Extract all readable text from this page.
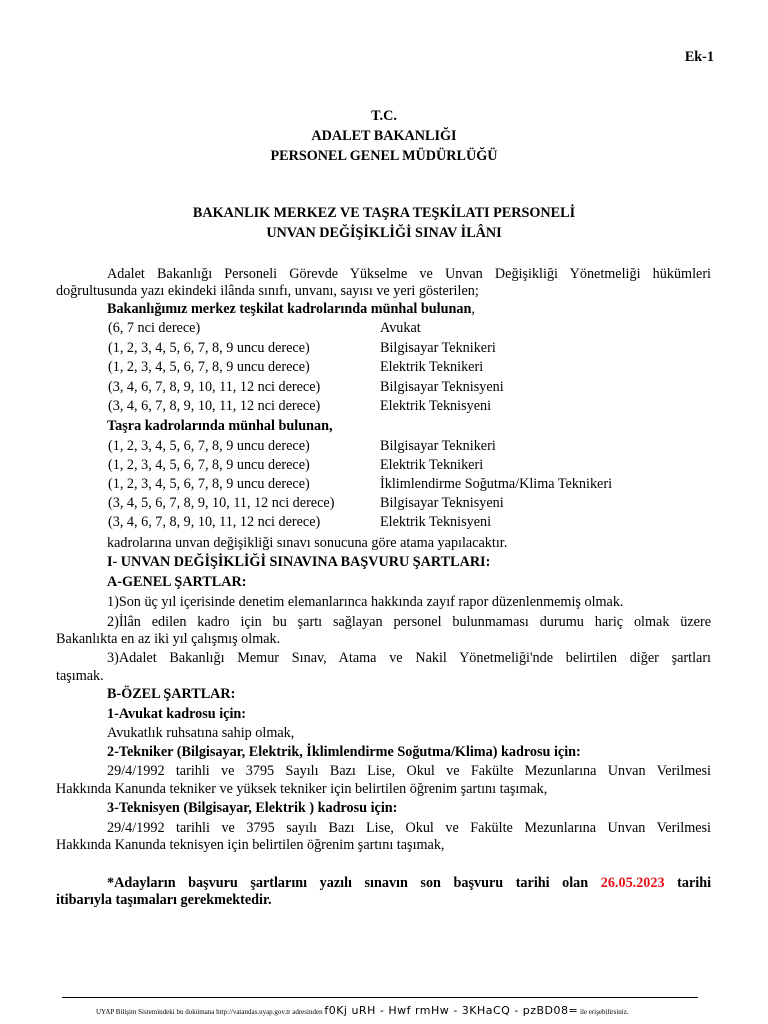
Ek-1
T.C.
ADALET BAKANLIĞI
PERSONEL GENEL MÜDÜRLÜĞÜ
BAKANLIK MERKEZ VE TAŞRA TEŞKİLATI PERSONELİ
UNVAN DEĞİŞİKLİĞİ SINAV İLÂNI
Adalet Bakanlığı Personeli Görevde Yükselme ve Unvan Değişikliği Yönetmeliği hükümleri
doğrultusunda yazı ekindeki ilânda sınıfı, unvanı, sayısı ve yeri gösterilen;
Bakanlığımız merkez teşkilat kadrolarında münhal bulunan,
(6, 7 nci derece)	Avukat
(1, 2, 3, 4, 5, 6, 7, 8, 9 uncu derece)	Bilgisayar Teknikeri
(1, 2, 3, 4, 5, 6, 7, 8, 9 uncu derece)	Elektrik Teknikeri
(3, 4, 6, 7, 8, 9, 10, 11, 12 nci derece)	Bilgisayar Teknisyeni
(3, 4, 6, 7, 8, 9, 10, 11, 12 nci derece)	Elektrik Teknisyeni
Taşra kadrolarında münhal bulunan,
(1, 2, 3, 4, 5, 6, 7, 8, 9 uncu derece)	Bilgisayar Teknikeri
(1, 2, 3, 4, 5, 6, 7, 8, 9 uncu derece)	Elektrik Teknikeri
(1, 2, 3, 4, 5, 6, 7, 8, 9 uncu derece)	İklimlendirme Soğutma/Klima Teknikeri
(3, 4, 5, 6, 7, 8, 9, 10, 11, 12 nci derece)	Bilgisayar Teknisyeni
(3, 4, 6, 7, 8, 9, 10, 11, 12 nci derece)	Elektrik Teknisyeni
kadrolarına unvan değişikliği sınavı sonucuna göre atama yapılacaktır.
I- UNVAN DEĞİŞİKLİĞİ SINAVINA BAŞVURU ŞARTLARI:
A-GENEL ŞARTLAR:
1)Son üç yıl içerisinde denetim elemanlarınca hakkında zayıf rapor düzenlenmemiş olmak.
2)İlân edilen kadro için bu şartı sağlayan personel bulunmaması durumu hariç olmak üzere
Bakanlıkta en az iki yıl çalışmış olmak.
3)Adalet Bakanlığı Memur Sınav, Atama ve Nakil Yönetmeliği'nde belirtilen diğer şartları
taşımak.
B-ÖZEL ŞARTLAR:
1-Avukat kadrosu için:
Avukatlık ruhsatına sahip olmak,
2-Tekniker (Bilgisayar, Elektrik, İklimlendirme Soğutma/Klima) kadrosu için:
29/4/1992 tarihli ve 3795 Sayılı Bazı Lise, Okul ve Fakülte Mezunlarına Unvan Verilmesi
Hakkında Kanunda tekniker ve yüksek tekniker için belirtilen öğrenim şartını taşımak,
3-Teknisyen (Bilgisayar, Elektrik ) kadrosu için:
29/4/1992 tarihli ve 3795 sayılı Bazı Lise, Okul ve Fakülte Mezunlarına Unvan Verilmesi
Hakkında Kanunda teknisyen için belirtilen öğrenim şartını taşımak,
*Adayların başvuru şartlarını yazılı sınavın son başvuru tarihi olan 26.05.2023 tarihi
itibarıyla taşımaları gerekmektedir.
UYAP Bilişim Sistemindeki bu dokümana http://vatandas.uyap.gov.tr adresinden f0Kj uRH - Hwf rmHw - 3KHaCQ - pzBD08= ile erişebilirsiniz.
